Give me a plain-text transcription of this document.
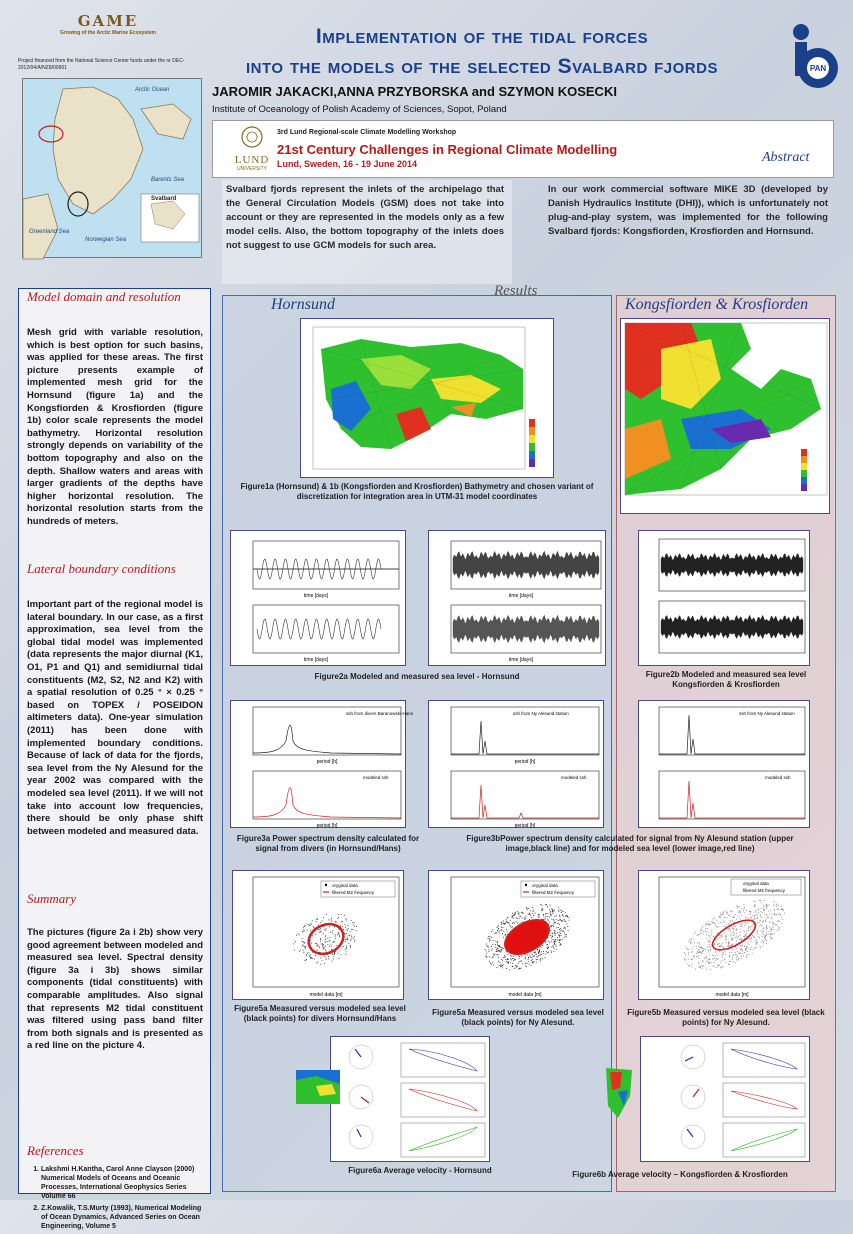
GAME
Growing of the Arctic Marine Ecosystem
Project financed from the National Science Center funds under the nr DEC-2012/04/A/NZ8/00661
Arctic Ocean
Barents Sea
Greenland Sea
Norwegian Sea
Svalbard
Implementation of the tidal forces
into the models of the selected Svalbard fjords	PAN
JAROMIR JAKACKI,ANNA PRZYBORSKA and SZYMON KOSECKI
Institute of Oceanology of Polish Academy of Sciences, Sopot, Poland
LUND
UNIVERSITY
3rd Lund Regional-scale Climate Modelling Workshop
21st Century Challenges in Regional Climate Modelling
Lund, Sweden, 16 - 19 June 2014	Abstract
Svalbard fjords represent the inlets of the archipelago that the General Circulation Models (GSM) does not take into account or they are represented in the models only as a few model cells. Also, the bottom topography of the inlets does not suggest to use GCM models for such area.
In our work commercial software MIKE 3D (developed by Danish Hydraulics Institute (DHI)), which is unfortunately not plug-and-play system, was implemented for the following Svalbard fjords: Kongsfiorden, Krosfiorden and Hornsund.
Model domain and resolution
Mesh grid with variable resolution, which is best option for such basins, was applied for these areas. The first picture presents example of implemented mesh grid for the Hornsund (figure 1a) and the Kongsfiorden & Krosfiorden (figure 1b) color scale represents the model bathymetry. Horizontal resolution strongly depends on variability of the bottom topography and also on the depth. Shallow waters and areas with larger gradients of the depths have higher horizontal resolution. The horizontal resolution starts from the hundreds of meters.
Lateral boundary conditions
Important part of the regional model is lateral boundary. In our case, as a first approximation, sea level from the global tidal model was implemented (data represents the major diurnal (K1, O1, P1 and Q1) and semidiurnal tidal constituents (M2, S2, N2 and K2) with a spatial resolution of 0.25 ° × 0.25 ° based on TOPEX / POSEIDON altimeters data). One-year simulation (2011) has been done with implemented boundary conditions. Because of lack of data for the fjords, sea level from the Ny Alesund for the year 2002 was compared with the modeled sea level (2011). If we will not take into account low frequencies, there should be only phase shift between modeled and measured data.
Summary
The pictures (figure 2a i 2b) show very good agreement between modeled and measured sea level. Spectral density (figure 3a i 3b) shows similar components (tidal constituents) with comparable amplitudes. Also signal that represents M2 tidal constituent was filtered using pass band filter from both signals and is presented as a red line on the picture 4.
References
1. Lakshmi H.Kantha, Carol Anne Clayson (2000) Numerical Models of Oceans and Oceanic Processes, International Geophysics Series Volume 66
2. Z.Kowalik, T.S.Murty (1993), Numerical Modeling of Ocean Dynamics, Advanced Series on Ocean Engineering, Volume 5
Hornsund	Kongsfiorden & Krosfiorden
Results
Figure1a (Hornsund) & 1b (Kongsfiorden and Krosfiorden) Bathymetry and chosen variant of discretization for integration area in UTM-31 model coordinates
time [days]
time [days]
time [days]
time [days]
Figure2a Modeled and measured sea level - Hornsund	Figure2b Modeled and measured sea level Kongsfiorden & Krosfiorden
ssh from divers Baranowski-Hans
modeled ssh
period [h]
period [h]
Figure3a Power spectrum density calculated for signal from divers (in Hornsund/Hans)
ssh from Ny Alesund station
modeled ssh
period [h]
period [h]
ssh from Ny Alesund station
modeled ssh
Figure3bPower spectrum density calculated for signal from Ny Alesund station (upper image,black line) and for modeled sea level (lower image,red line)
oryginal data
filtered M2 frequency
model data [m]
Figure5a Measured versus modeled sea level (black points) for divers Hornsund/Hans
oryginal data
filtered M2 frequency
model data [m]
Figure5a Measured versus modeled sea level (black points) for Ny Alesund.
oryginal data
filtered M2 frequency
model data [m]
Figure5b Measured versus modeled sea level (black points) for Ny Alesund.
Figure6a Average velocity - Hornsund	Figure6b Average velocity – Kongsfiorden & Krosfiorden
